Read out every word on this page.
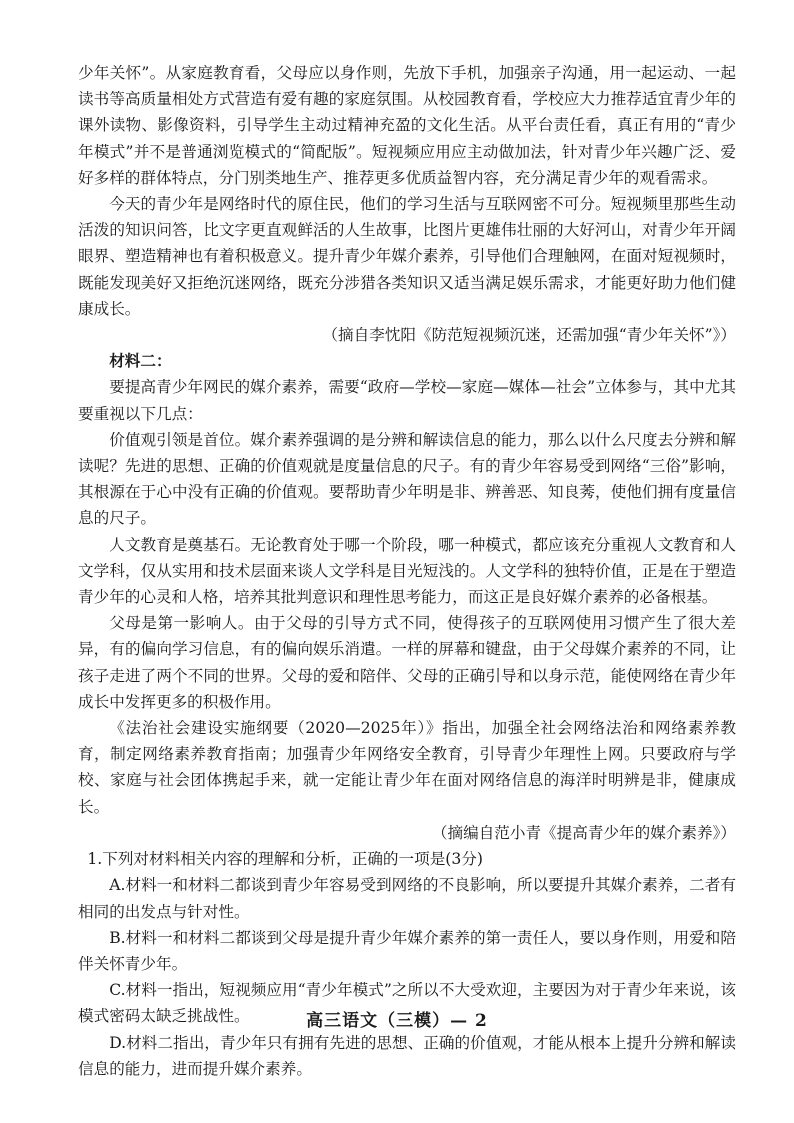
少年关怀”。从家庭教育看，父母应以身作则，先放下手机，加强亲子沟通，用一起运动、一起读书等高质量相处方式营造有爱有趣的家庭氛围。从校园教育看，学校应大力推荐适宜青少年的课外读物、影像资料，引导学生主动过精神充盈的文化生活。从平台责任看，真正有用的“青少年模式”并不是普通浏览模式的“简配版”。短视频应用应主动做加法，针对青少年兴趣广泛、爱好多样的群体特点，分门别类地生产、推荐更多优质益智内容，充分满足青少年的观看需求。

今天的青少年是网络时代的原住民，他们的学习生活与互联网密不可分。短视频里那些生动活泼的知识问答，比文字更直观鲜活的人生故事，比图片更雄伟壮丽的大好河山，对青少年开阔眼界、塑造精神也有着积极意义。提升青少年媒介素养，引导他们合理触网，在面对短视频时，既能发现美好又拒绝沉迷网络，既充分涉猎各类知识又适当满足娱乐需求，才能更好助力他们健康成长。

（摘自李忱阳《防范短视频沉迷，还需加强“青少年关怀”》）

材料二：

要提高青少年网民的媒介素养，需要“政府—学校—家庭—媒体—社会”立体参与，其中尤其要重视以下几点：

价值观引领是首位。媒介素养强调的是分辨和解读信息的能力，那么以什么尺度去分辨和解读呢？先进的思想、正确的价值观就是度量信息的尺子。有的青少年容易受到网络“三俗”影响，其根源在于心中没有正确的价值观。要帮助青少年明是非、辨善恶、知良莠，使他们拥有度量信息的尺子。

人文教育是奠基石。无论教育处于哪一个阶段，哪一种模式，都应该充分重视人文教育和人文学科，仅从实用和技术层面来谈人文学科是目光短浅的。人文学科的独特价值，正是在于塑造青少年的心灵和人格，培养其批判意识和理性思考能力，而这正是良好媒介素养的必备根基。

父母是第一影响人。由于父母的引导方式不同，使得孩子的互联网使用习惯产生了很大差异，有的偏向学习信息，有的偏向娱乐消遣。一样的屏幕和键盘，由于父母媒介素养的不同，让孩子走进了两个不同的世界。父母的爱和陪伴、父母的正确引导和以身示范，能使网络在青少年成长中发挥更多的积极作用。

《法治社会建设实施纲要（2020—2025年）》指出，加强全社会网络法治和网络素养教育，制定网络素养教育指南；加强青少年网络安全教育，引导青少年理性上网。只要政府与学校、家庭与社会团体携起手来，就一定能让青少年在面对网络信息的海洋时明辨是非，健康成长。

（摘编自范小青《提高青少年的媒介素养》）

1.下列对材料相关内容的理解和分析，正确的一项是(3分)

A.材料一和材料二都谈到青少年容易受到网络的不良影响，所以要提升其媒介素养，二者有相同的出发点与针对性。

B.材料一和材料二都谈到父母是提升青少年媒介素养的第一责任人，要以身作则，用爱和陪伴关怀青少年。

C.材料一指出，短视频应用“青少年模式”之所以不大受欢迎，主要因为对于青少年来说，该模式密码太缺乏挑战性。

D.材料二指出，青少年只有拥有先进的思想、正确的价值观，才能从根本上提升分辨和解读信息的能力，进而提升媒介素养。

高三语文（三模）— 2
